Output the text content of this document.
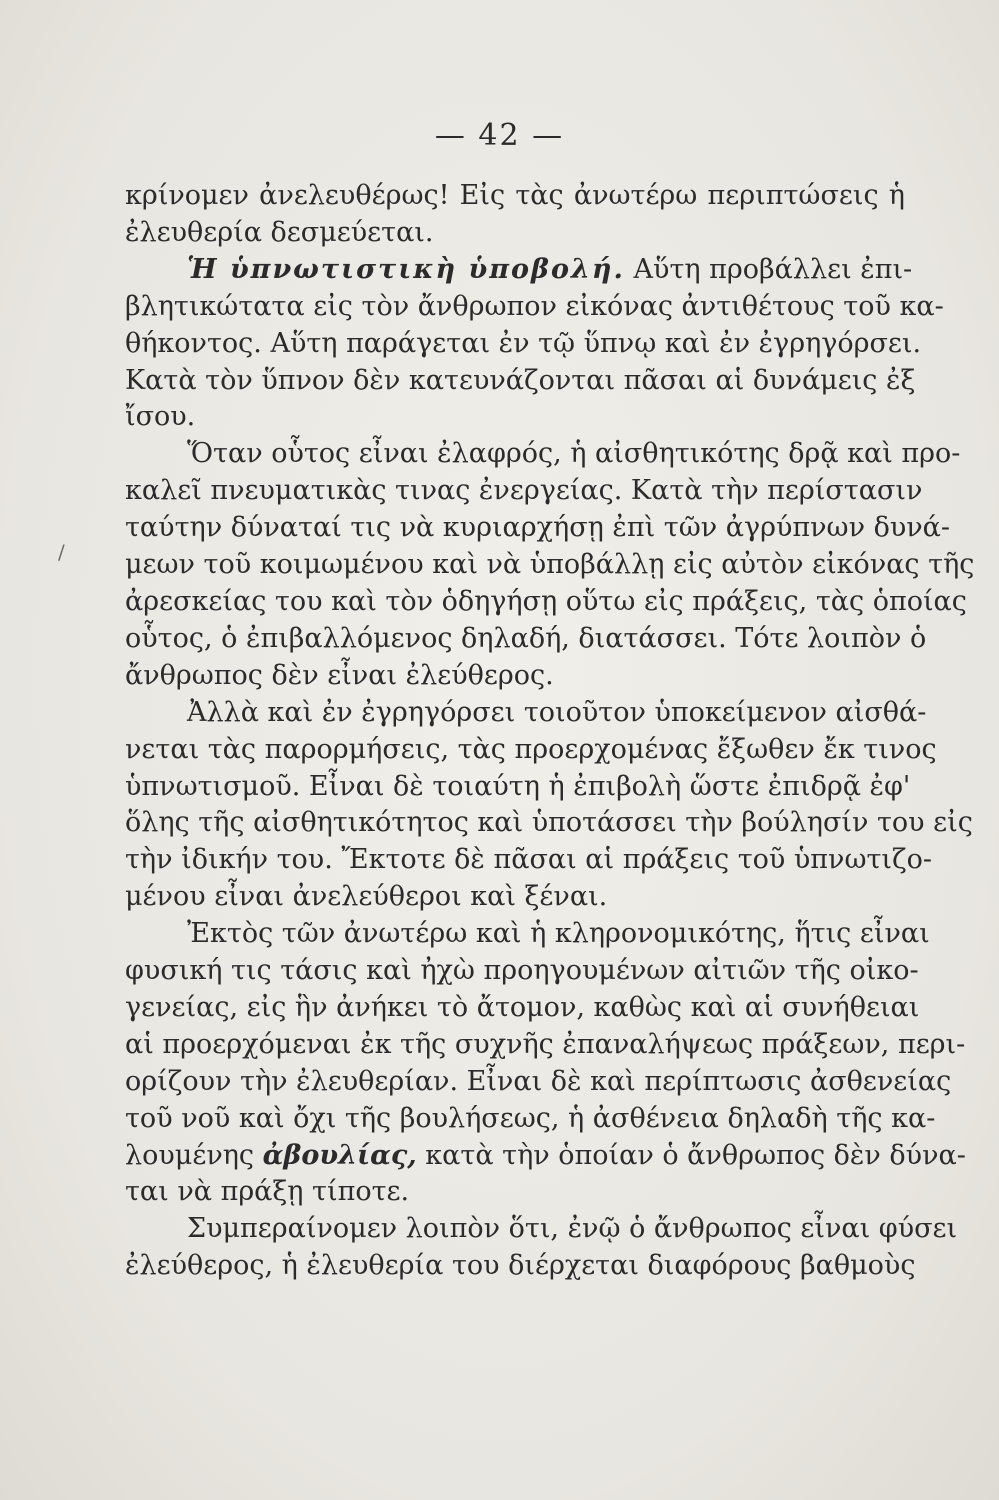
— 42 —
/
κρίνομεν ἀνελευθέρως! Εἰς τὰς ἀνωτέρω περιπτώσεις ἡ
ἐλευθερία δεσμεύεται.
Ἡ ὑπνωτιστικὴ ὑποβολή. Αὕτη προβάλλει ἐπι-
βλητικώτατα εἰς τὸν ἄνθρωπον εἰκόνας ἀντιθέτους τοῦ κα-
θήκοντος. Αὕτη παράγεται ἐν τῷ ὕπνῳ καὶ ἐν ἐγρηγόρσει.
Κατὰ τὸν ὕπνον δὲν κατευνάζονται πᾶσαι αἱ δυνάμεις ἐξ
ἴσου.
Ὅταν οὗτος εἶναι ἐλαφρός, ἡ αἰσθητικότης δρᾷ καὶ προ-
καλεῖ πνευματικὰς τινας ἐνεργείας. Κατὰ τὴν περίστασιν
ταύτην δύναταί τις νὰ κυριαρχήσῃ ἐπὶ τῶν ἀγρύπνων δυνά-
μεων τοῦ κοιμωμένου καὶ νὰ ὑποβάλλῃ εἰς αὐτὸν εἰκόνας τῆς
ἀρεσκείας του καὶ τὸν ὁδηγήσῃ οὕτω εἰς πράξεις, τὰς ὁποίας
οὗτος, ὁ ἐπιβαλλόμενος δηλαδή, διατάσσει. Τότε λοιπὸν ὁ
ἄνθρωπος δὲν εἶναι ἐλεύθερος.
Ἀλλὰ καὶ ἐν ἐγρηγόρσει τοιοῦτον ὑποκείμενον αἰσθά-
νεται τὰς παρορμήσεις, τὰς προερχομένας ἔξωθεν ἔκ τινος
ὑπνωτισμοῦ. Εἶναι δὲ τοιαύτη ἡ ἐπιβολὴ ὥστε ἐπιδρᾷ ἐφ'
ὅλης τῆς αἰσθητικότητος καὶ ὑποτάσσει τὴν βούλησίν του εἰς
τὴν ἰδικήν του. Ἔκτοτε δὲ πᾶσαι αἱ πράξεις τοῦ ὑπνωτιζο-
μένου εἶναι ἀνελεύθεροι καὶ ξέναι.
Ἐκτὸς τῶν ἀνωτέρω καὶ ἡ κληρονομικότης, ἥτις εἶναι
φυσική τις τάσις καὶ ἠχὼ προηγουμένων αἰτιῶν τῆς οἰκο-
γενείας, εἰς ἣν ἀνήκει τὸ ἄτομον, καθὼς καὶ αἱ συνήθειαι
αἱ προερχόμεναι ἐκ τῆς συχνῆς ἐπαναλήψεως πράξεων, περι-
ορίζουν τὴν ἐλευθερίαν. Εἶναι δὲ καὶ περίπτωσις ἀσθενείας
τοῦ νοῦ καὶ ὄχι τῆς βουλήσεως, ἡ ἀσθένεια δηλαδὴ τῆς κα-
λουμένης ἀβουλίας, κατὰ τὴν ὁποίαν ὁ ἄνθρωπος δὲν δύνα-
ται νὰ πράξῃ τίποτε.
Συμπεραίνομεν λοιπὸν ὅτι, ἐνῷ ὁ ἄνθρωπος εἶναι φύσει
ἐλεύθερος, ἡ ἐλευθερία του διέρχεται διαφόρους βαθμοὺς
